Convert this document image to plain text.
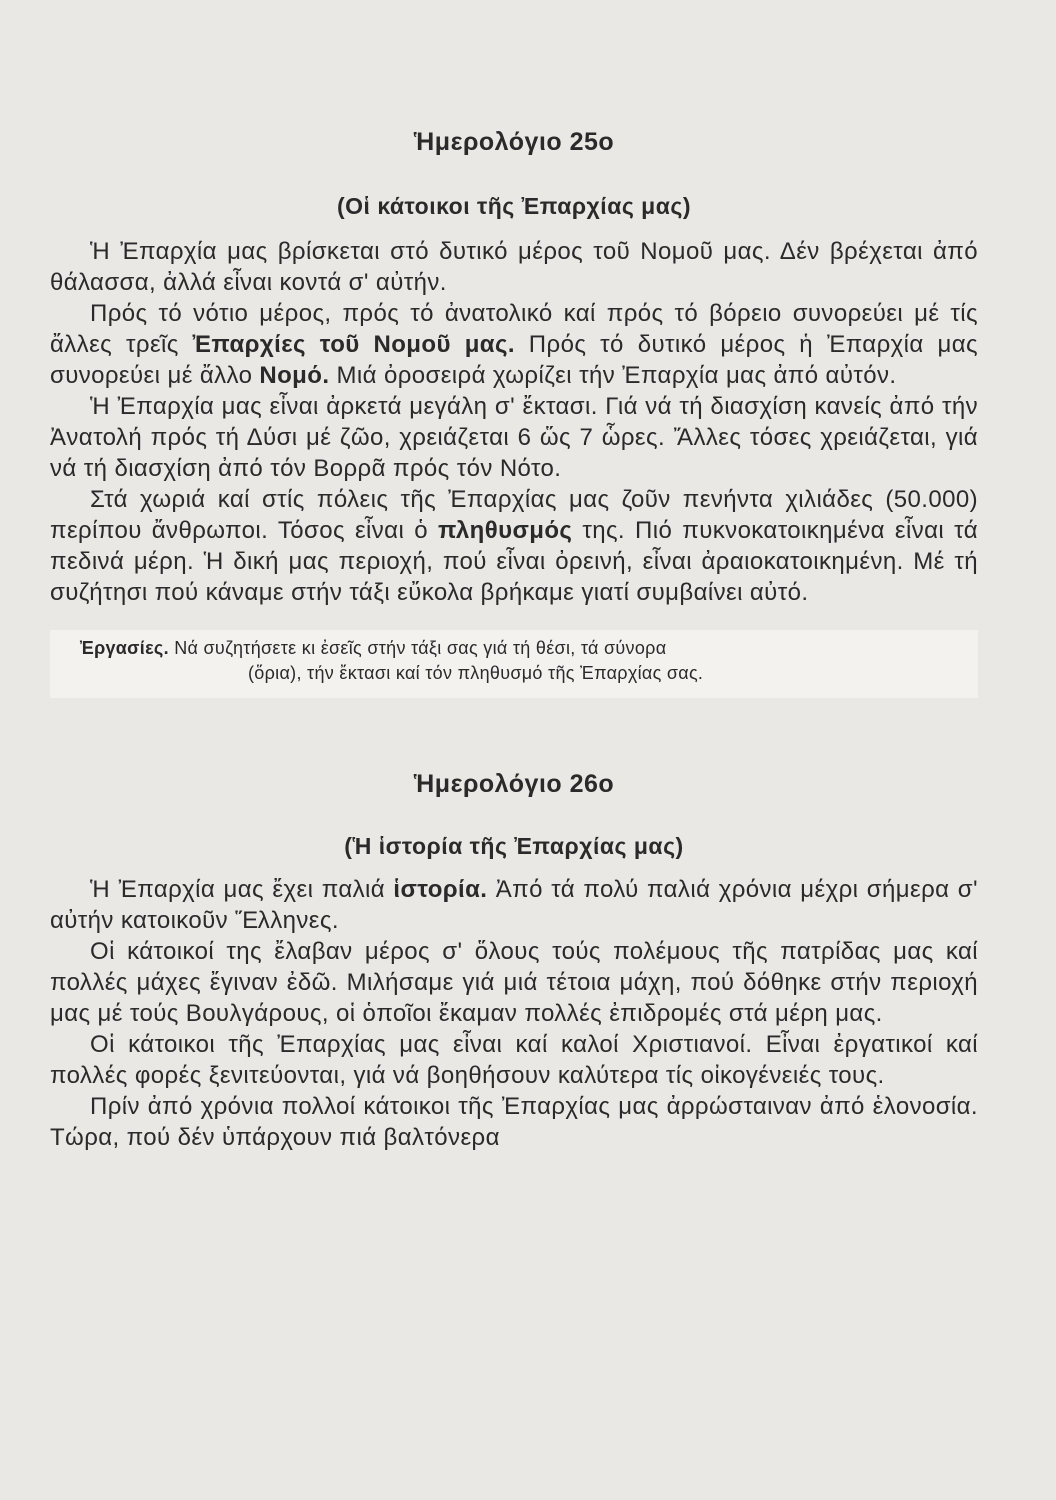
Ἡμερολόγιο 25ο
(Οἱ κάτοικοι τῆς Ἐπαρχίας μας)

Ἡ Ἐπαρχία μας βρίσκεται στό δυτικό μέρος τοῦ Νομοῦ μας. Δέν βρέχεται ἀπό θάλασσα, ἀλλά εἶναι κοντά σ' αὐτήν.

Πρός τό νότιο μέρος, πρός τό ἀνατολικό καί πρός τό βόρειο συνορεύει μέ τίς ἄλλες τρεῖς Ἐπαρχίες τοῦ Νομοῦ μας. Πρός τό δυτικό μέρος ἡ Ἐπαρχία μας συνορεύει μέ ἄλλο Νομό. Μιά ὀροσειρά χωρίζει τήν Ἐπαρχία μας ἀπό αὐτόν.

Ἡ Ἐπαρχία μας εἶναι ἀρκετά μεγάλη σ' ἔκτασι. Γιά νά τή διασχίση κανείς ἀπό τήν Ἀνατολή πρός τή Δύσι μέ ζῶο, χρειάζεται 6 ὥς 7 ὧρες. Ἄλλες τόσες χρειάζεται, γιά νά τή διασχίση ἀπό τόν Βορρᾶ πρός τόν Νότο.

Στά χωριά καί στίς πόλεις τῆς Ἐπαρχίας μας ζοῦν πενήντα χιλιάδες (50.000) περίπου ἄνθρωποι. Τόσος εἶναι ὁ πληθυσμός της. Πιό πυκνοκατοικημένα εἶναι τά πεδινά μέρη. Ἡ δική μας περιοχή, πού εἶναι ὀρεινή, εἶναι ἀραιοκατοικημένη. Μέ τή συζήτησι πού κάναμε στήν τάξι εὔκολα βρήκαμε γιατί συμβαίνει αὐτό.

Ἐργασίες. Νά συζητήσετε κι ἐσεῖς στήν τάξι σας γιά τή θέσι, τά σύνορα
(ὅρια), τήν ἔκτασι καί τόν πληθυσμό τῆς Ἐπαρχίας σας.
Ἡμερολόγιο 26ο
(Ἡ ἱστορία τῆς Ἐπαρχίας μας)

Ἡ Ἐπαρχία μας ἔχει παλιά ἱστορία. Ἀπό τά πολύ παλιά χρόνια μέχρι σήμερα σ' αὐτήν κατοικοῦν Ἕλληνες.

Οἱ κάτοικοί της ἔλαβαν μέρος σ' ὅλους τούς πολέμους τῆς πατρίδας μας καί πολλές μάχες ἔγιναν ἐδῶ. Μιλήσαμε γιά μιά τέτοια μάχη, πού δόθηκε στήν περιοχή μας μέ τούς Βουλγάρους, οἱ ὁποῖοι ἔκαμαν πολλές ἐπιδρομές στά μέρη μας.

Οἱ κάτοικοι τῆς Ἐπαρχίας μας εἶναι καί καλοί Χριστιανοί. Εἶναι ἐργατικοί καί πολλές φορές ξενιτεύονται, γιά νά βοηθήσουν καλύτερα τίς οἰκογένειές τους.

Πρίν ἀπό χρόνια πολλοί κάτοικοι τῆς Ἐπαρχίας μας ἀρρώσταιναν ἀπό ἑλονοσία. Τώρα, πού δέν ὑπάρχουν πιά βαλτόνερα
